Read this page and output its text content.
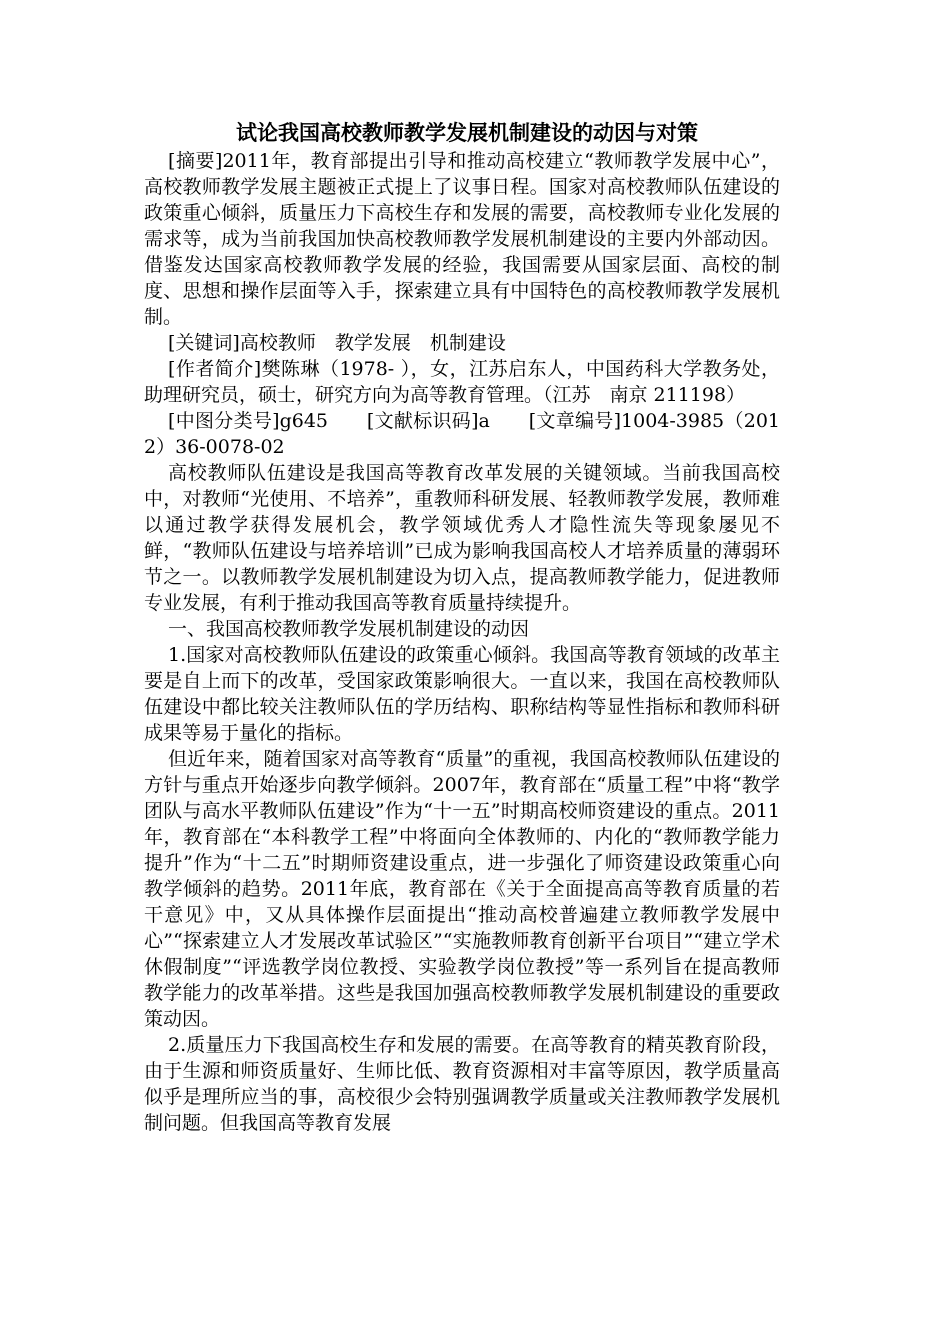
试论我国高校教师教学发展机制建设的动因与对策

[摘要]2011年，教育部提出引导和推动高校建立“教师教学发展中心”，高校教师教学发展主题被正式提上了议事日程。国家对高校教师队伍建设的政策重心倾斜，质量压力下高校生存和发展的需要，高校教师专业化发展的需求等，成为当前我国加快高校教师教学发展机制建设的主要内外部动因。借鉴发达国家高校教师教学发展的经验，我国需要从国家层面、高校的制度、思想和操作层面等入手，探索建立具有中国特色的高校教师教学发展机制。

[关键词]高校教师　教学发展　机制建设

[作者简介]樊陈琳（1978- ），女，江苏启东人，中国药科大学教务处，助理研究员，硕士，研究方向为高等教育管理。（江苏　南京 211198）

[中图分类号]g645　　[文献标识码]a　　[文章编号]1004-3985（2012）36-0078-02

高校教师队伍建设是我国高等教育改革发展的关键领域。当前我国高校中，对教师“光使用、不培养”，重教师科研发展、轻教师教学发展，教师难以通过教学获得发展机会，教学领域优秀人才隐性流失等现象屡见不鲜，“教师队伍建设与培养培训”已成为影响我国高校人才培养质量的薄弱环节之一。以教师教学发展机制建设为切入点，提高教师教学能力，促进教师专业发展，有利于推动我国高等教育质量持续提升。

一、我国高校教师教学发展机制建设的动因

1.国家对高校教师队伍建设的政策重心倾斜。我国高等教育领域的改革主要是自上而下的改革，受国家政策影响很大。一直以来，我国在高校教师队伍建设中都比较关注教师队伍的学历结构、职称结构等显性指标和教师科研成果等易于量化的指标。

但近年来，随着国家对高等教育“质量”的重视，我国高校教师队伍建设的方针与重点开始逐步向教学倾斜。2007年，教育部在“质量工程”中将“教学团队与高水平教师队伍建设”作为“十一五”时期高校师资建设的重点。2011年，教育部在“本科教学工程”中将面向全体教师的、内化的“教师教学能力提升”作为“十二五”时期师资建设重点，进一步强化了师资建设政策重心向教学倾斜的趋势。2011年底，教育部在《关于全面提高高等教育质量的若干意见》中，又从具体操作层面提出“推动高校普遍建立教师教学发展中心”“探索建立人才发展改革试验区”“实施教师教育创新平台项目”“建立学术休假制度”“评选教学岗位教授、实验教学岗位教授”等一系列旨在提高教师教学能力的改革举措。这些是我国加强高校教师教学发展机制建设的重要政策动因。

2.质量压力下我国高校生存和发展的需要。在高等教育的精英教育阶段，由于生源和师资质量好、生师比低、教育资源相对丰富等原因，教学质量高似乎是理所应当的事，高校很少会特别强调教学质量或关注教师教学发展机制问题。但我国高等教育发展
